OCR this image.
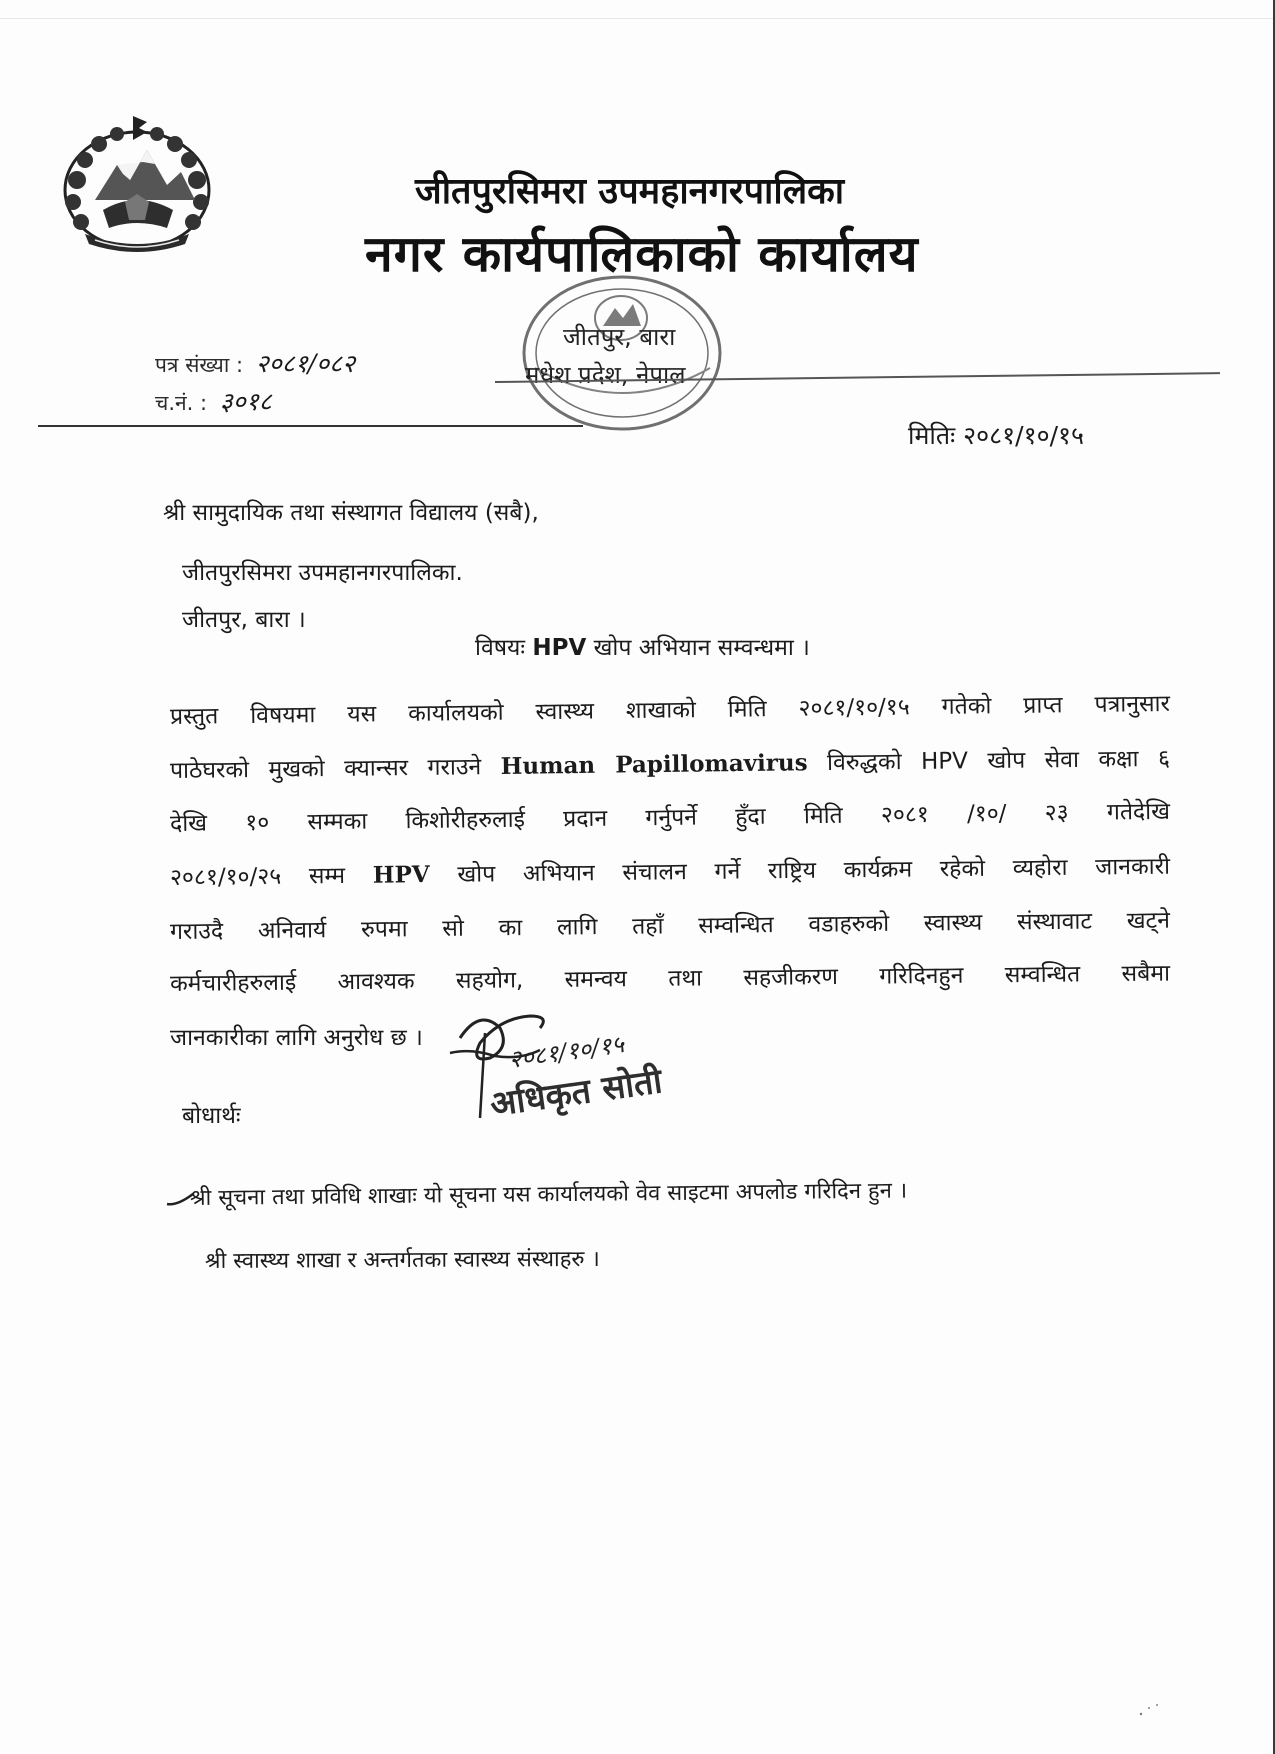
जीतपुरसिमरा उपमहानगरपालिका
नगर कार्यपालिकाको कार्यालय
जीतपुर, बारा
मधेश प्रदेश, नेपाल
पत्र संख्या : २०८१/०८२
च.नं. : ३०१८
मितिः २०८१/१०/१५
श्री सामुदायिक तथा संस्थागत विद्यालय (सबै),
जीतपुरसिमरा उपमहानगरपालिका.
जीतपुर, बारा ।
विषयः HPV खोप अभियान सम्वन्धमा ।
प्रस्तुत विषयमा यस कार्यालयको स्वास्थ्य शाखाको मिति २०८१/१०/१५ गतेको प्राप्त पत्रानुसार
पाठेघरको मुखको क्यान्सर गराउने Human Papillomavirus विरुद्धको HPV खोप सेवा कक्षा ६
देखि १० सम्मका किशोरीहरुलाई प्रदान गर्नुपर्ने हुँदा मिति २०८१ /१०/ २३ गतेदेखि
२०८१/१०/२५ सम्म HPV खोप अभियान संचालन गर्ने राष्ट्रिय कार्यक्रम रहेको व्यहोरा जानकारी
गराउदै अनिवार्य रुपमा सो का लागि तहाँ सम्वन्धित वडाहरुको स्वास्थ्य संस्थावाट खट्ने
कर्मचारीहरुलाई आवश्यक सहयोग, समन्वय तथा सहजीकरण गरिदिनहुन सम्वन्धित सबैमा
जानकारीका लागि अनुरोध छ ।	२०८१/१०/१५
अधिकृत सोती
बोधार्थः
श्री सूचना तथा प्रविधि शाखाः यो सूचना यस कार्यालयको वेव साइटमा अपलोड गरिदिन हुन ।
श्री स्वास्थ्य शाखा र अन्तर्गतका स्वास्थ्य संस्थाहरु ।
